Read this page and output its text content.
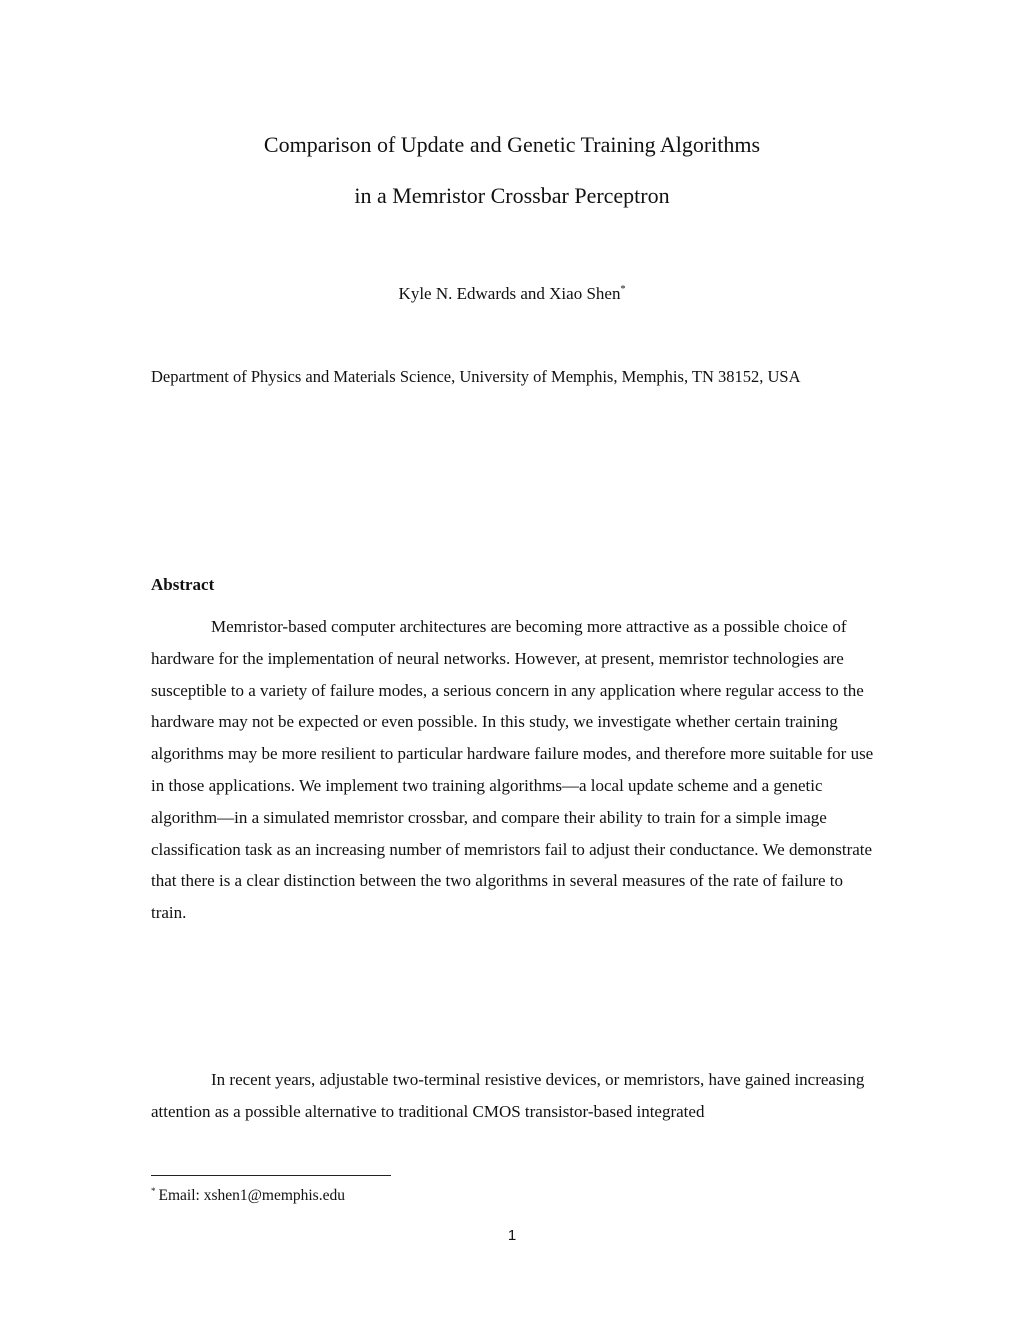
Comparison of Update and Genetic Training Algorithms
in a Memristor Crossbar Perceptron
Kyle N. Edwards and Xiao Shen*
Department of Physics and Materials Science, University of Memphis, Memphis, TN 38152, USA
Abstract

Memristor-based computer architectures are becoming more attractive as a possible choice of hardware for the implementation of neural networks. However, at present, memristor technologies are susceptible to a variety of failure modes, a serious concern in any application where regular access to the hardware may not be expected or even possible. In this study, we investigate whether certain training algorithms may be more resilient to particular hardware failure modes, and therefore more suitable for use in those applications. We implement two training algorithms—a local update scheme and a genetic algorithm—in a simulated memristor crossbar, and compare their ability to train for a simple image classification task as an increasing number of memristors fail to adjust their conductance. We demonstrate that there is a clear distinction between the two algorithms in several measures of the rate of failure to train.

In recent years, adjustable two-terminal resistive devices, or memristors, have gained increasing attention as a possible alternative to traditional CMOS transistor-based integrated

* Email: xshen1@memphis.edu
1
